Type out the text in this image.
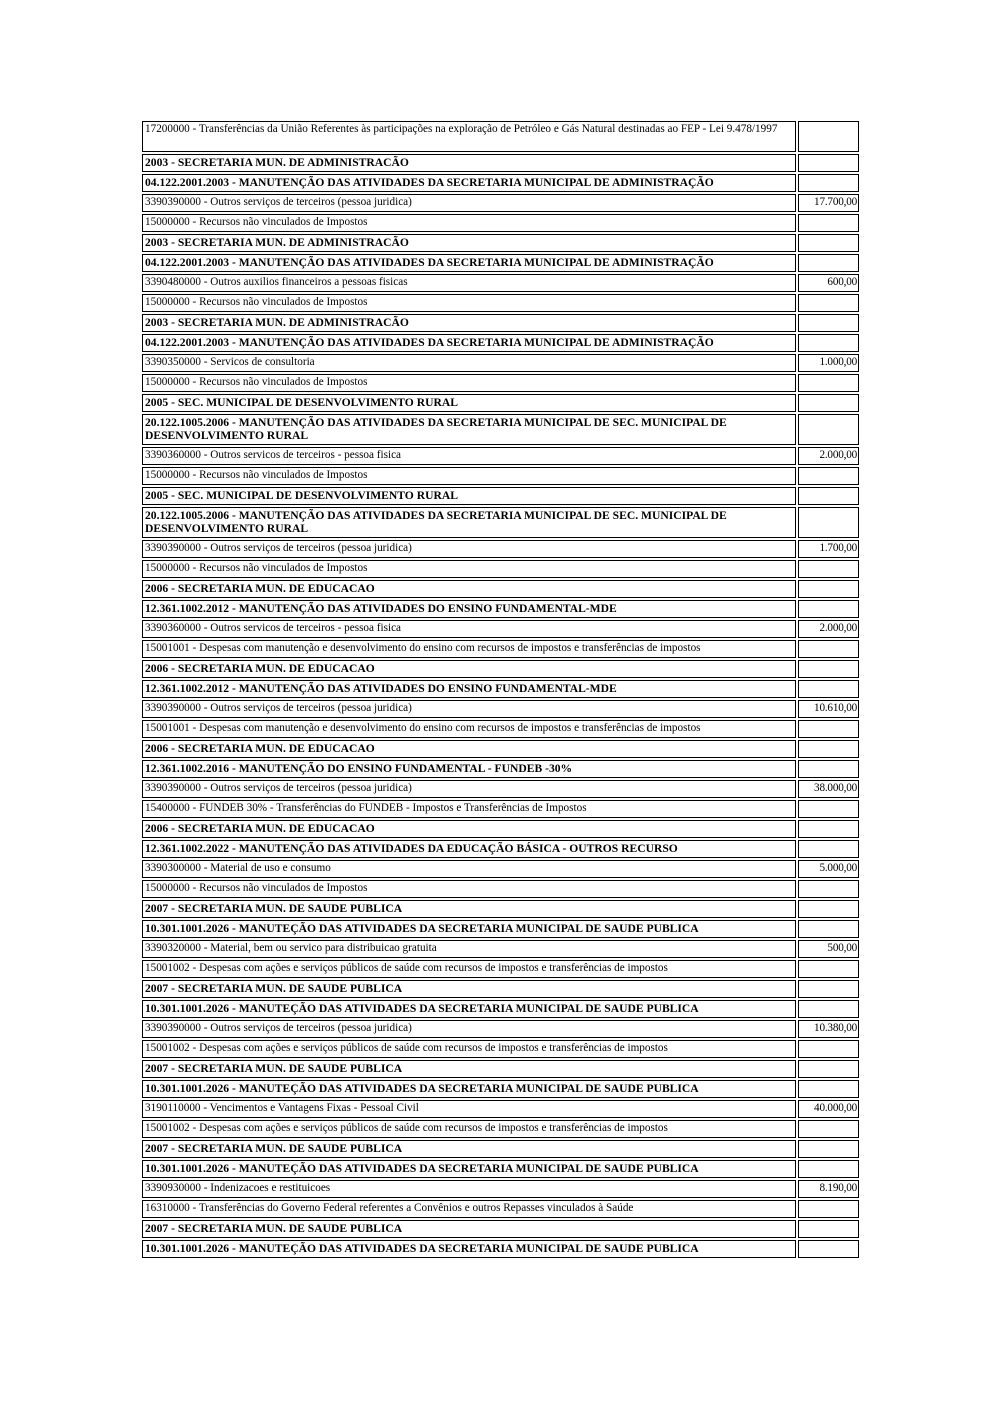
17200000 - Transferências da União Referentes às participações na exploração de Petróleo e Gás Natural destinadas ao FEP - Lei 9.478/1997	
2003 - SECRETARIA MUN. DE ADMINISTRACÃO	
04.122.2001.2003 - MANUTENÇÃO DAS ATIVIDADES DA SECRETARIA MUNICIPAL DE ADMINISTRAÇÃO	
3390390000 - Outros serviços de terceiros (pessoa juridica)	17.700,00
15000000 - Recursos não vinculados de Impostos	
2003 - SECRETARIA MUN. DE ADMINISTRACÃO	
04.122.2001.2003 - MANUTENÇÃO DAS ATIVIDADES DA SECRETARIA MUNICIPAL DE ADMINISTRAÇÃO	
3390480000 - Outros auxilios financeiros a pessoas fisicas	600,00
15000000 - Recursos não vinculados de Impostos	
2003 - SECRETARIA MUN. DE ADMINISTRACÃO	
04.122.2001.2003 - MANUTENÇÃO DAS ATIVIDADES DA SECRETARIA MUNICIPAL DE ADMINISTRAÇÃO	
3390350000 - Servicos de consultoria	1.000,00
15000000 - Recursos não vinculados de Impostos	
2005 - SEC. MUNICIPAL DE DESENVOLVIMENTO RURAL	
20.122.1005.2006 - MANUTENÇÃO DAS ATIVIDADES DA SECRETARIA MUNICIPAL DE SEC. MUNICIPAL DE DESENVOLVIMENTO RURAL	
3390360000 - Outros servicos de terceiros - pessoa fisica	2.000,00
15000000 - Recursos não vinculados de Impostos	
2005 - SEC. MUNICIPAL DE DESENVOLVIMENTO RURAL	
20.122.1005.2006 - MANUTENÇÃO DAS ATIVIDADES DA SECRETARIA MUNICIPAL DE SEC. MUNICIPAL DE DESENVOLVIMENTO RURAL	
3390390000 - Outros serviços de terceiros (pessoa juridica)	1.700,00
15000000 - Recursos não vinculados de Impostos	
2006 - SECRETARIA MUN. DE EDUCACAO	
12.361.1002.2012 - MANUTENÇÃO DAS ATIVIDADES DO ENSINO FUNDAMENTAL-MDE	
3390360000 - Outros servicos de terceiros - pessoa fisica	2.000,00
15001001 - Despesas com manutenção e desenvolvimento do ensino com recursos de impostos e transferências de impostos	
2006 - SECRETARIA MUN. DE EDUCACAO	
12.361.1002.2012 - MANUTENÇÃO DAS ATIVIDADES DO ENSINO FUNDAMENTAL-MDE	
3390390000 - Outros serviços de terceiros (pessoa juridica)	10.610,00
15001001 - Despesas com manutenção e desenvolvimento do ensino com recursos de impostos e transferências de impostos	
2006 - SECRETARIA MUN. DE EDUCACAO	
12.361.1002.2016 - MANUTENÇÃO DO ENSINO FUNDAMENTAL - FUNDEB -30%	
3390390000 - Outros serviços de terceiros (pessoa juridica)	38.000,00
15400000 - FUNDEB 30% - Transferências do FUNDEB - Impostos e Transferências de Impostos	
2006 - SECRETARIA MUN. DE EDUCACAO	
12.361.1002.2022 - MANUTENÇÃO DAS ATIVIDADES DA EDUCAÇÃO BÁSICA - OUTROS RECURSO	
3390300000 - Material de uso e consumo	5.000,00
15000000 - Recursos não vinculados de Impostos	
2007 - SECRETARIA MUN. DE SAUDE PUBLICA	
10.301.1001.2026 - MANUTEÇÃO DAS ATIVIDADES DA SECRETARIA MUNICIPAL DE SAUDE PUBLICA	
3390320000 - Material, bem ou servico para distribuicao gratuita	500,00
15001002 - Despesas com ações e serviços públicos de saúde com recursos de impostos e transferências de impostos	
2007 - SECRETARIA MUN. DE SAUDE PUBLICA	
10.301.1001.2026 - MANUTEÇÃO DAS ATIVIDADES DA SECRETARIA MUNICIPAL DE SAUDE PUBLICA	
3390390000 - Outros serviços de terceiros (pessoa juridica)	10.380,00
15001002 - Despesas com ações e serviços públicos de saúde com recursos de impostos e transferências de impostos	
2007 - SECRETARIA MUN. DE SAUDE PUBLICA	
10.301.1001.2026 - MANUTEÇÃO DAS ATIVIDADES DA SECRETARIA MUNICIPAL DE SAUDE PUBLICA	
3190110000 - Vencimentos e Vantagens Fixas - Pessoal Civil	40.000,00
15001002 - Despesas com ações e serviços públicos de saúde com recursos de impostos e transferências de impostos	
2007 - SECRETARIA MUN. DE SAUDE PUBLICA	
10.301.1001.2026 - MANUTEÇÃO DAS ATIVIDADES DA SECRETARIA MUNICIPAL DE SAUDE PUBLICA	
3390930000 - Indenizacoes e restituicoes	8.190,00
16310000 - Transferências do Governo Federal referentes a Convênios e outros Repasses vinculados à Saúde	
2007 - SECRETARIA MUN. DE SAUDE PUBLICA	
10.301.1001.2026 - MANUTEÇÃO DAS ATIVIDADES DA SECRETARIA MUNICIPAL DE SAUDE PUBLICA	
